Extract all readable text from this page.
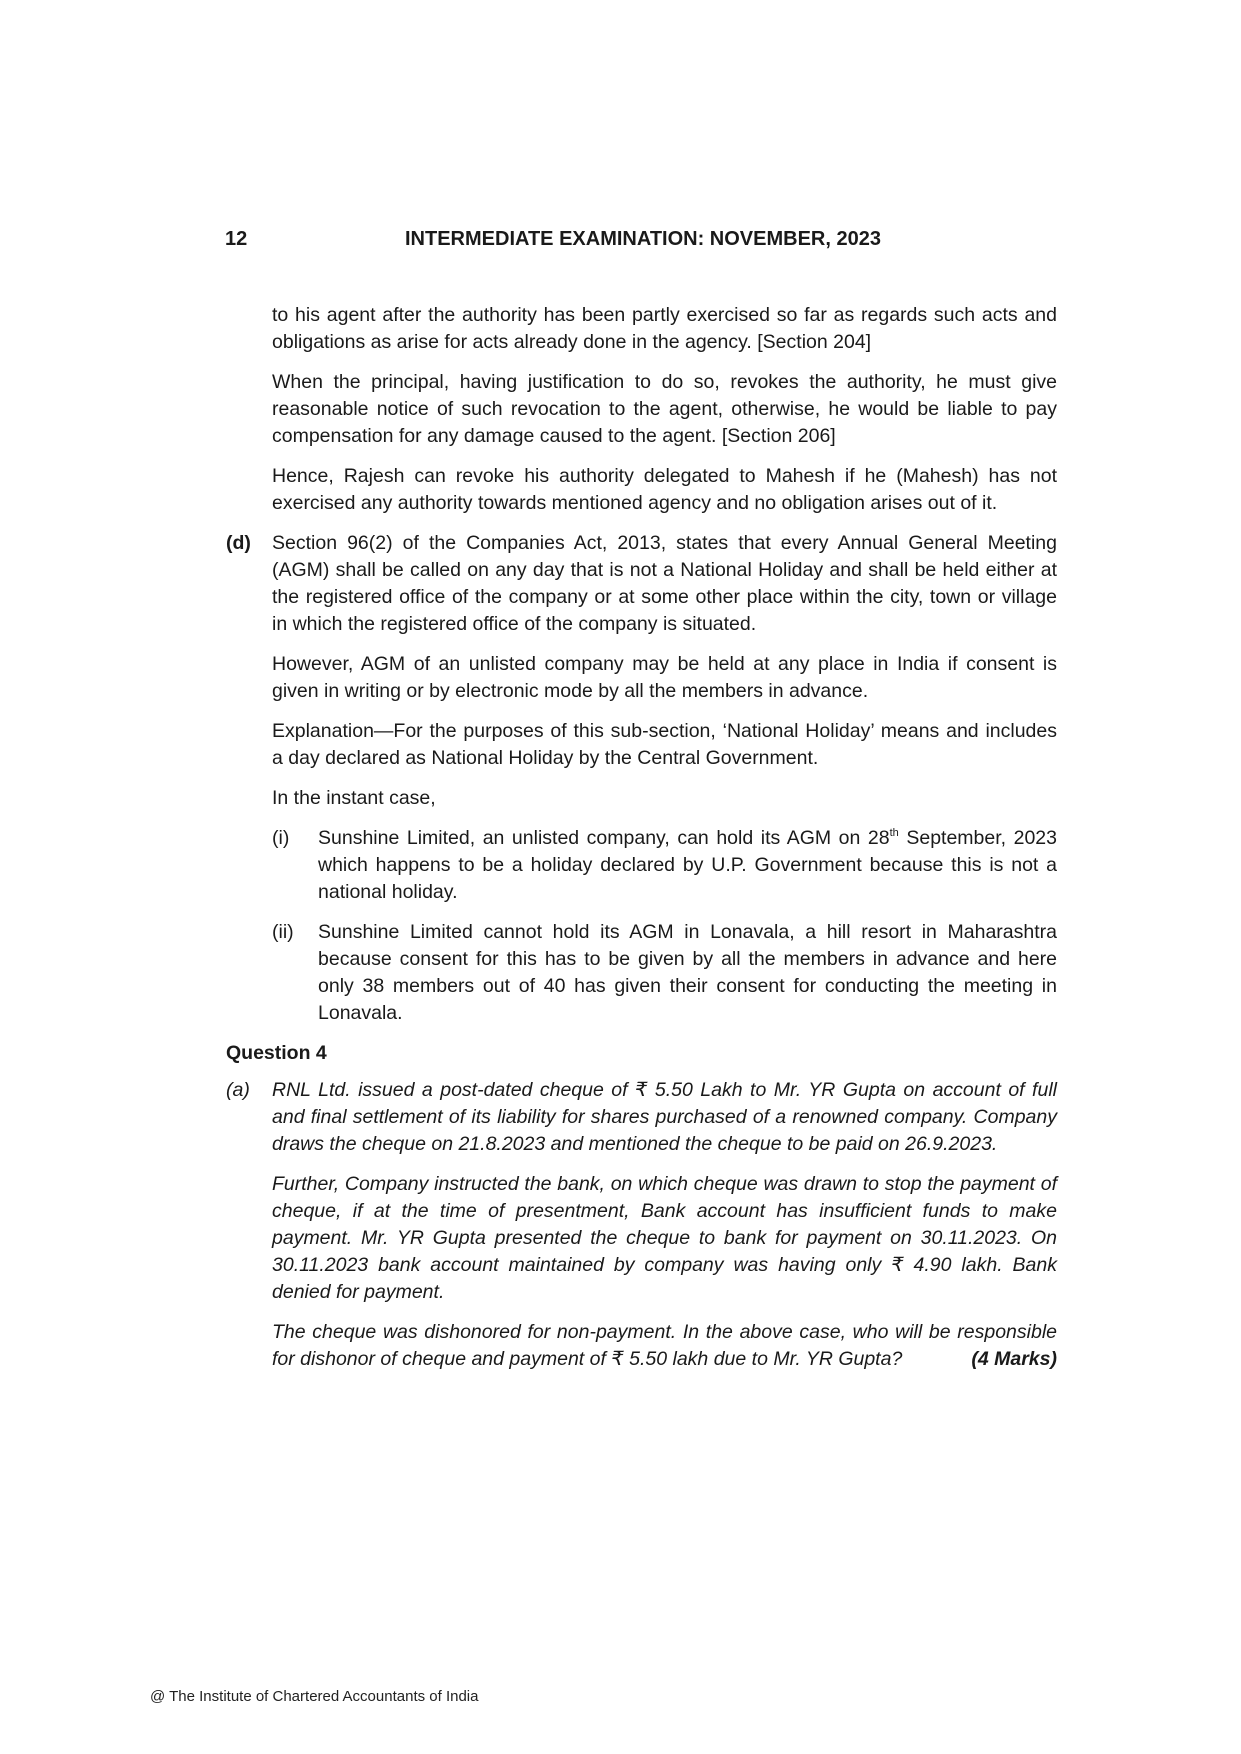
12	INTERMEDIATE EXAMINATION: NOVEMBER, 2023

to his agent after the authority has been partly exercised so far as regards such acts and obligations as arise for acts already done in the agency. [Section 204]

When the principal, having justification to do so, revokes the authority, he must give reasonable notice of such revocation to the agent, otherwise, he would be liable to pay compensation for any damage caused to the agent. [Section 206]

Hence, Rajesh can revoke his authority delegated to Mahesh if he (Mahesh) has not exercised any authority towards mentioned agency and no obligation arises out of it.

(d) Section 96(2) of the Companies Act, 2013, states that every Annual General Meeting (AGM) shall be called on any day that is not a National Holiday and shall be held either at the registered office of the company or at some other place within the city, town or village in which the registered office of the company is situated.

However, AGM of an unlisted company may be held at any place in India if consent is given in writing or by electronic mode by all the members in advance.

Explanation—For the purposes of this sub-section, ‘National Holiday’ means and includes a day declared as National Holiday by the Central Government.

In the instant case,

(i) Sunshine Limited, an unlisted company, can hold its AGM on 28th September, 2023 which happens to be a holiday declared by U.P. Government because this is not a national holiday.
(ii) Sunshine Limited cannot hold its AGM in Lonavala, a hill resort in Maharashtra because consent for this has to be given by all the members in advance and here only 38 members out of 40 has given their consent for conducting the meeting in Lonavala.
Question 4
(a) RNL Ltd. issued a post-dated cheque of ₹ 5.50 Lakh to Mr. YR Gupta on account of full and final settlement of its liability for shares purchased of a renowned company. Company draws the cheque on 21.8.2023 and mentioned the cheque to be paid on 26.9.2023.

Further, Company instructed the bank, on which cheque was drawn to stop the payment of cheque, if at the time of presentment, Bank account has insufficient funds to make payment. Mr. YR Gupta presented the cheque to bank for payment on 30.11.2023. On 30.11.2023 bank account maintained by company was having only ₹ 4.90 lakh. Bank denied for payment.

The cheque was dishonored for non-payment. In the above case, who will be responsible for dishonor of cheque and payment of ₹ 5.50 lakh due to Mr. YR Gupta?	(4 Marks)

@ The Institute of Chartered Accountants of India
